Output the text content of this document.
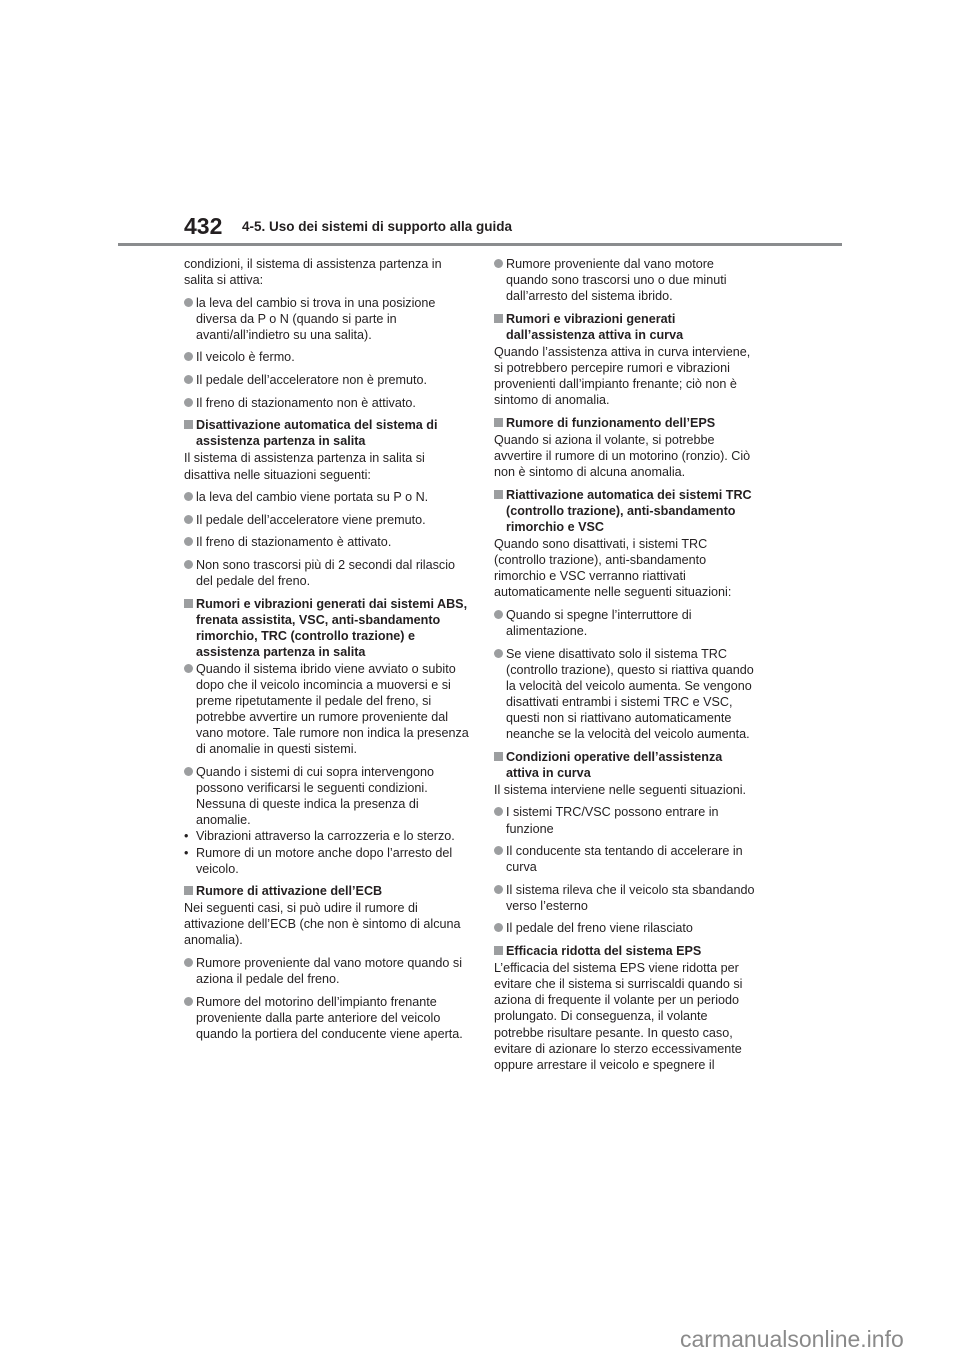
432 4-5. Uso dei sistemi di supporto alla guida
condizioni, il sistema di assistenza partenza in salita si attiva:
la leva del cambio si trova in una posizione diversa da P o N (quando si parte in avanti/all’indietro su una salita).
Il veicolo è fermo.
Il pedale dell’acceleratore non è premuto.
Il freno di stazionamento non è attivato.
Disattivazione automatica del sistema di assistenza partenza in salita
Il sistema di assistenza partenza in salita si disattiva nelle situazioni seguenti:
la leva del cambio viene portata su P o N.
Il pedale dell’acceleratore viene premuto.
Il freno di stazionamento è attivato.
Non sono trascorsi più di 2 secondi dal rilascio del pedale del freno.
Rumori e vibrazioni generati dai sistemi ABS, frenata assistita, VSC, anti-sbandamento rimorchio, TRC (controllo trazione) e assistenza partenza in salita
Quando il sistema ibrido viene avviato o subito dopo che il veicolo incomincia a muoversi e si preme ripetutamente il pedale del freno, si potrebbe avvertire un rumore proveniente dal vano motore. Tale rumore non indica la presenza di anomalie in questi sistemi.
Quando i sistemi di cui sopra intervengono possono verificarsi le seguenti condizioni. Nessuna di queste indica la presenza di anomalie.
• Vibrazioni attraverso la carrozzeria e lo sterzo.
• Rumore di un motore anche dopo l’arresto del veicolo.
Rumore di attivazione dell’ECB
Nei seguenti casi, si può udire il rumore di attivazione dell’ECB (che non è sintomo di alcuna anomalia).
Rumore proveniente dal vano motore quando si aziona il pedale del freno.
Rumore del motorino dell’impianto frenante proveniente dalla parte anteriore del veicolo quando la portiera del conducente viene aperta.
Rumore proveniente dal vano motore quando sono trascorsi uno o due minuti dall’arresto del sistema ibrido.
Rumori e vibrazioni generati dall’assistenza attiva in curva
Quando l’assistenza attiva in curva interviene, si potrebbero percepire rumori e vibrazioni provenienti dall’impianto frenante; ciò non è sintomo di anomalia.
Rumore di funzionamento dell’EPS
Quando si aziona il volante, si potrebbe avvertire il rumore di un motorino (ronzio). Ciò non è sintomo di alcuna anomalia.
Riattivazione automatica dei sistemi TRC (controllo trazione), anti-sbandamento rimorchio e VSC
Quando sono disattivati, i sistemi TRC (controllo trazione), anti-sbandamento rimorchio e VSC verranno riattivati automaticamente nelle seguenti situazioni:
Quando si spegne l’interruttore di alimentazione.
Se viene disattivato solo il sistema TRC (controllo trazione), questo si riattiva quando la velocità del veicolo aumenta. Se vengono disattivati entrambi i sistemi TRC e VSC, questi non si riattivano automaticamente neanche se la velocità del veicolo aumenta.
Condizioni operative dell’assistenza attiva in curva
Il sistema interviene nelle seguenti situazioni.
I sistemi TRC/VSC possono entrare in funzione
Il conducente sta tentando di accelerare in curva
Il sistema rileva che il veicolo sta sbandando verso l’esterno
Il pedale del freno viene rilasciato
Efficacia ridotta del sistema EPS
L’efficacia del sistema EPS viene ridotta per evitare che il sistema si surriscaldi quando si aziona di frequente il volante per un periodo prolungato. Di conseguenza, il volante potrebbe risultare pesante. In questo caso, evitare di azionare lo sterzo eccessivamente oppure arrestare il veicolo e spegnere il
carmanualsonline.info
